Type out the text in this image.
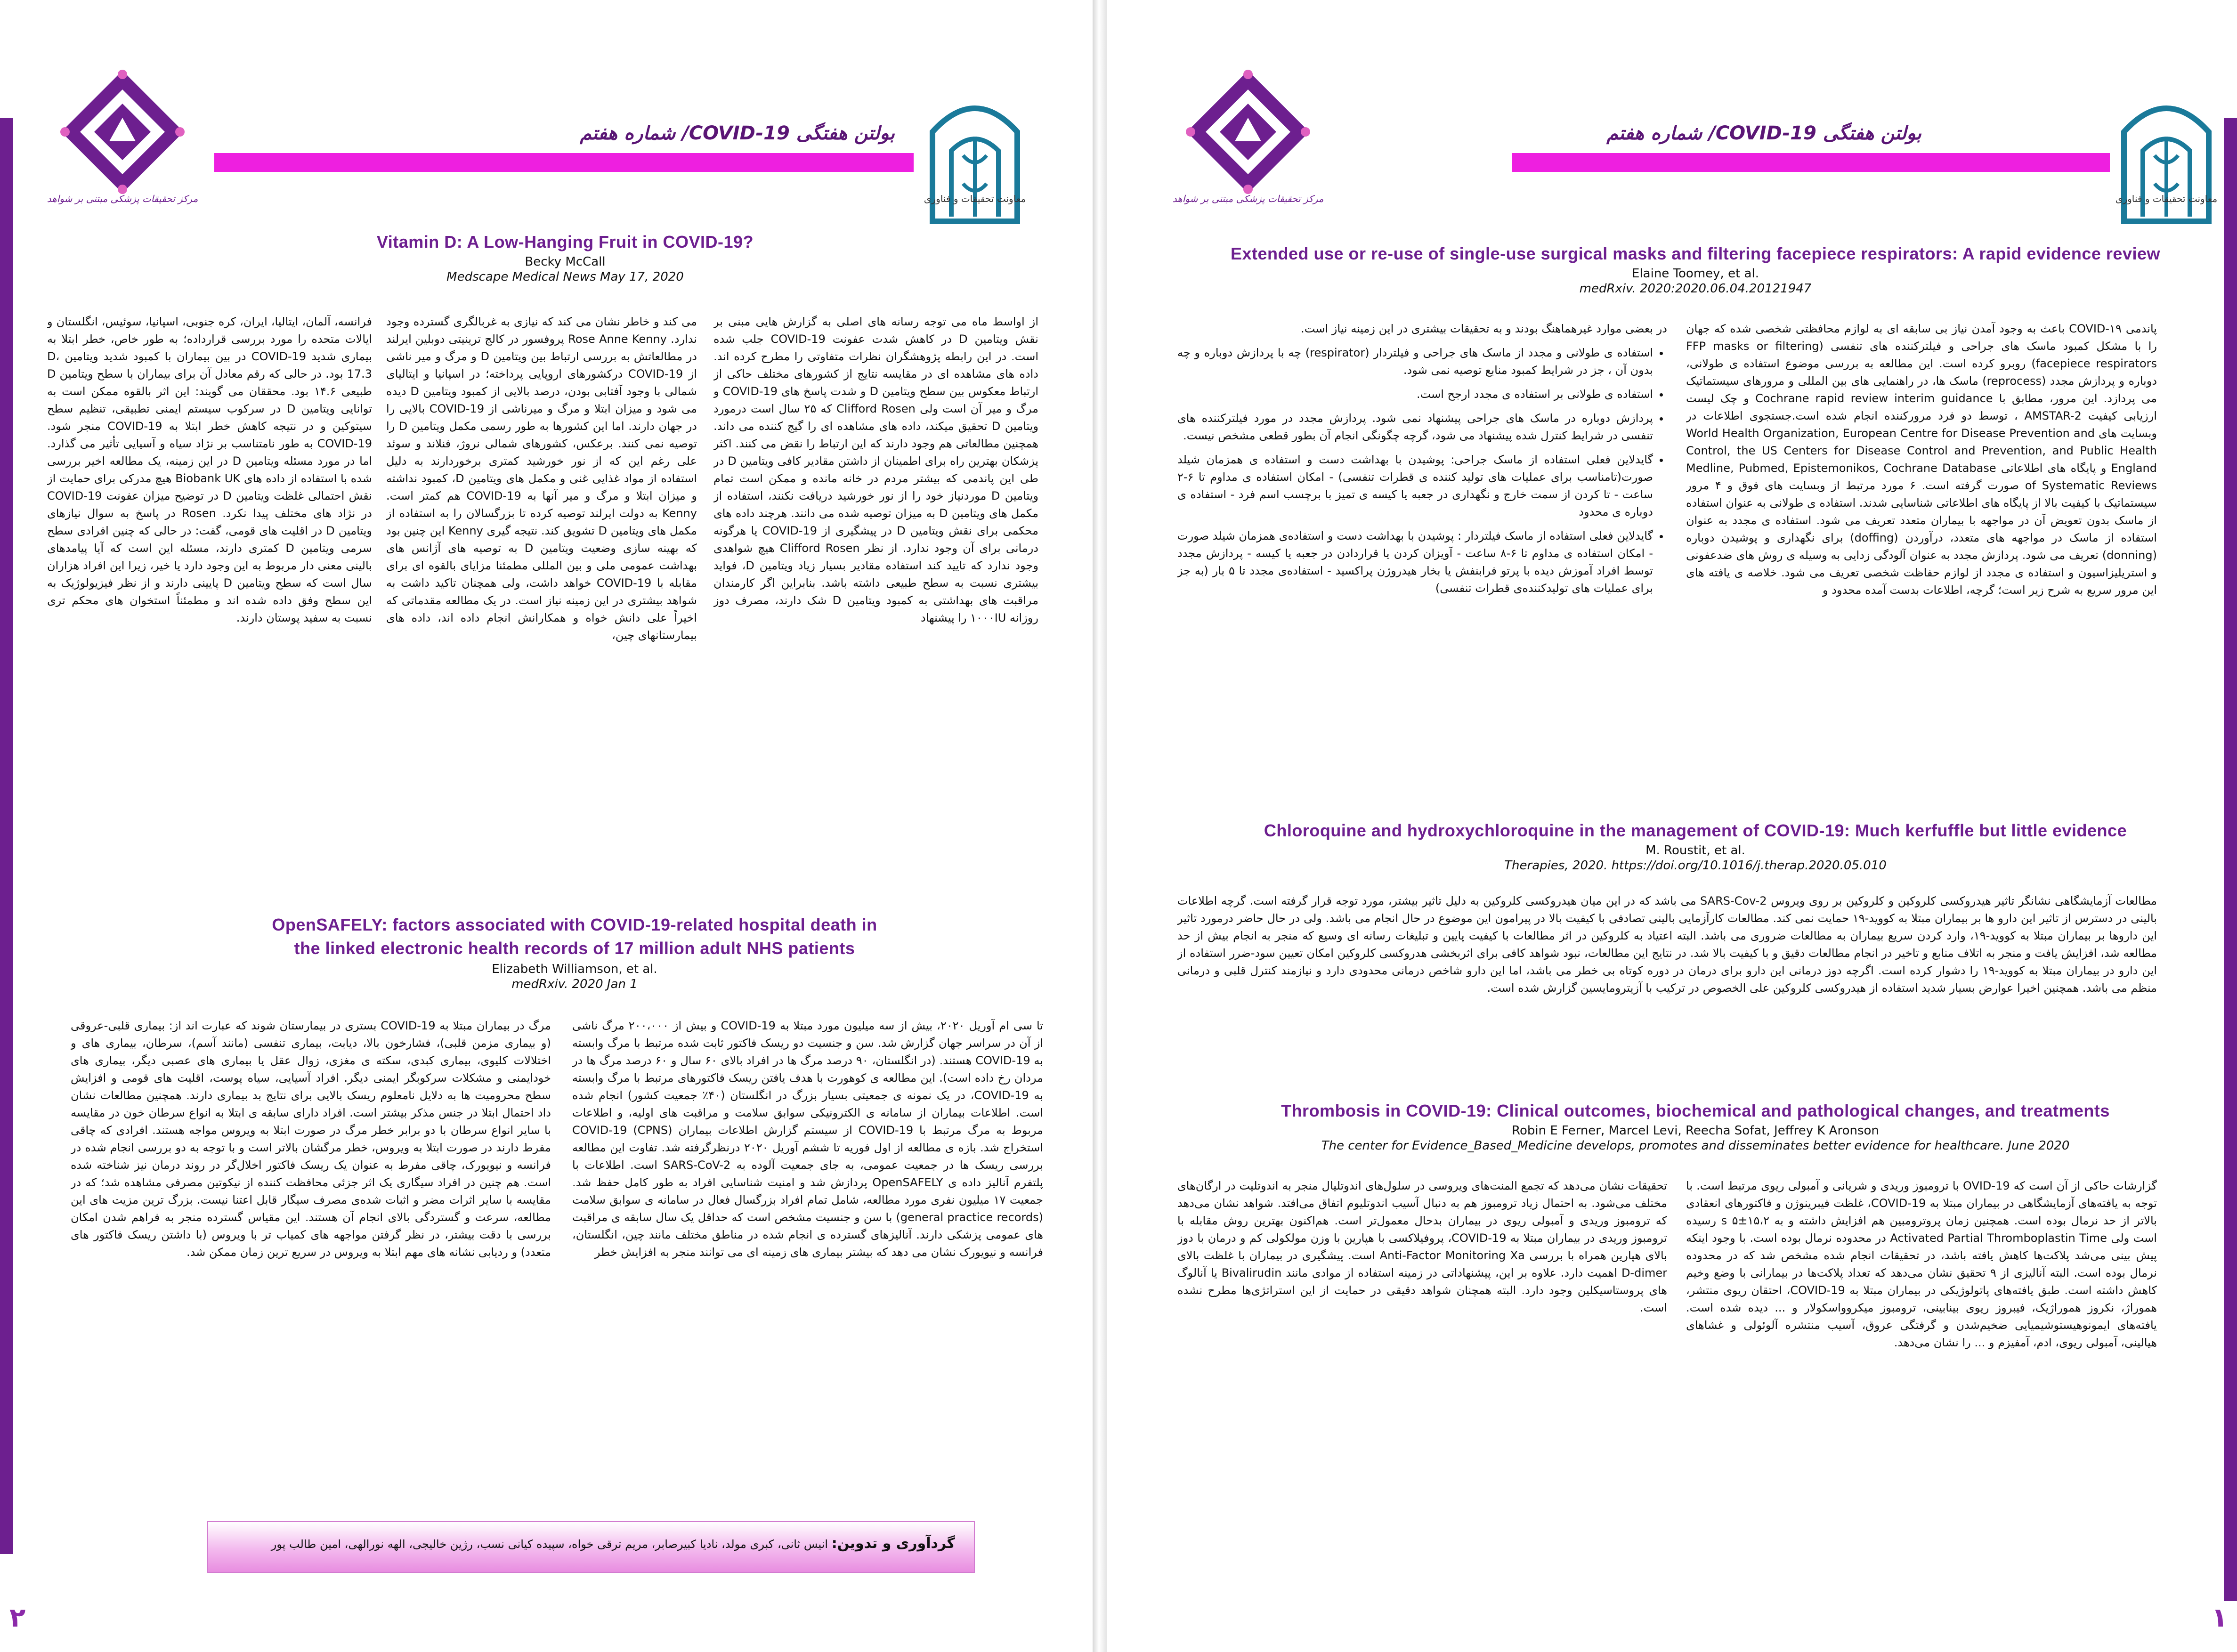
بولتن هفتگی COVID-19/ شماره هفتم
مرکز تحقیقات پزشکی مبتنی بر شواهد	معاونت تحقیقات و فناوری
Vitamin D: A Low-Hanging Fruit in COVID-19?
Becky McCall
Medscape Medical News May 17, 2020
از اواسط ماه می توجه رسانه های اصلی به گزارش هایی مبنی بر نقش ویتامین D در کاهش شدت عفونت COVID-19 جلب شده است. در این رابطه پژوهشگران نظرات متفاوتی را مطرح کرده اند. داده های مشاهده ای در مقایسه نتایج از کشورهای مختلف حاکی از ارتباط معکوس بین سطح ویتامین D و شدت پاسخ های COVID-19 و مرگ و میر آن است ولی Clifford Rosen که ۲۵ سال است درمورد ویتامین D تحقیق میکند، داده های مشاهده ای را گیج کننده می داند. همچنین مطالعاتی هم وجود دارند که این ارتباط را نقض می کنند. اکثر پزشکان بهترین راه برای اطمینان از داشتن مقادیر کافی ویتامین D در طی این پاندمی که بیشتر مردم در خانه مانده و ممکن است تمام ویتامین D موردنیاز خود را از نور خورشید دریافت نکنند، استفاده از مکمل های ویتامین D به میزان توصیه شده می دانند. هرچند داده های محکمی برای نقش ویتامین D در پیشگیری از COVID-19 یا هرگونه درمانی برای آن وجود ندارد. از نظر Clifford Rosen هیچ شواهدی وجود ندارد که تایید کند استفاده مقادیر بسیار زیاد ویتامین D، فواید بیشتری نسبت به سطح طبیعی داشته باشد. بنابراین اگر کارمندان مراقبت های بهداشتی به کمبود ویتامین D شک دارند، مصرف دوز روزانه ۱۰۰۰IU را پیشنهاد
می کند و خاطر نشان می کند که نیازی به غربالگری گسترده وجود ندارد. Rose Anne Kenny پروفسور در کالج ترینیتی دوبلین ایرلند در مطالعاتش به بررسی ارتباط بین ویتامین D و مرگ و میر ناشی از COVID-19 درکشورهای اروپایی پرداخته؛ در اسپانیا و ایتالیای شمالی با وجود آفتابی بودن، درصد بالایی از کمبود ویتامین D دیده می شود و میزان ابتلا و مرگ و میرناشی از COVID-19 بالایی را در جهان دارند. اما این کشورها به طور رسمی مکمل ویتامین D را توصیه نمی کنند. برعکس، کشورهای شمالی نروژ، فنلاند و سوئد علی رغم این که از نور خورشید کمتری برخوردارند به دلیل استفاده از مواد غذایی غنی و مکمل های ویتامین D، کمبود نداشته و میزان ابتلا و مرگ و میر آنها به COVID-19 هم کمتر است. Kenny به دولت ایرلند توصیه کرده تا بزرگسالان را به استفاده از مکمل های ویتامین D تشویق کند. نتیجه گیری Kenny این چنین بود که بهینه سازی وضعیت ویتامین D به توصیه های آژانس های بهداشت عمومی ملی و بین المللی مطمئنا مزایای بالقوه ای برای مقابله با COVID-19 خواهد داشت، ولی همچنان تاکید داشت به شواهد بیشتری در این زمینه نیاز است. در یک مطالعه مقدماتی که اخیراً علی دانش خواه و همکارانش انجام داده اند، داده های بیمارستانهای چین،
فرانسه، آلمان، ایتالیا، ایران، کره جنوبی، اسپانیا، سوئیس، انگلستان و ایالات متحده را مورد بررسی قرارداده؛ به طور خاص، خطر ابتلا به بیماری شدید COVID-19 در بین بیماران با کمبود شدید ویتامین D، 17.3 بود. در حالی که رقم معادل آن برای بیماران با سطح ویتامین D طبیعی ۱۴.۶ بود. محققان می گویند: این اثر بالقوه ممکن است به توانایی ویتامین D در سرکوب سیستم ایمنی تطبیقی، تنظیم سطح سیتوکین و در نتیجه کاهش خطر ابتلا به COVID-19 منجر شود. COVID-19 به طور نامتناسب بر نژاد سیاه و آسیایی تأثیر می گذارد. اما در مورد مسئله ویتامین D در این زمینه، یک مطالعه اخیر بررسی شده با استفاده از داده های Biobank UK هیچ مدرکی برای حمایت از نقش احتمالی غلظت ویتامین D در توضیح میزان عفونت COVID-19 در نژاد های مختلف پیدا نکرد. Rosen در پاسخ به سوال نیازهای ویتامین D در اقلیت های قومی، گفت: در حالی که چنین افرادی سطح سرمی ویتامین D کمتری دارند، مسئله این است که آیا پیامدهای بالینی معنی دار مربوط به این وجود دارد یا خیر، زیرا این افراد هزاران سال است که سطح ویتامین D پایینی دارند و از نظر فیزیولوژیک به این سطح وفق داده شده اند و مطمئناً استخوان های محکم تری نسبت به سفید پوستان دارند.
OpenSAFELY: factors associated with COVID-19-related hospital death in
the linked electronic health records of 17 million adult NHS patients
Elizabeth Williamson, et al.
medRxiv. 2020 Jan 1
تا سی ام آوریل ۲۰۲۰، بیش از سه میلیون مورد مبتلا به COVID-19 و بیش از ۲۰۰،۰۰۰ مرگ ناشی از آن در سراسر جهان گزارش شد. سن و جنسیت دو ریسک فاکتور ثابت شده مرتبط با مرگ وابسته به COVID-19 هستند. (در انگلستان، ۹۰ درصد مرگ ها در افراد بالای ۶۰ سال و ۶۰ درصد مرگ ها در مردان رخ داده است). این مطالعه ی کوهورت با هدف یافتن ریسک فاکتورهای مرتبط با مرگ وابسته به COVID-19، در یک نمونه ی جمعیتی بسیار بزرگ در انگلستان (۴۰٪ جمعیت کشور) انجام شده است. اطلاعات بیماران از سامانه ی الکترونیکی سوابق سلامت و مراقبت های اولیه، و اطلاعات مربوط به مرگ مرتبط با COVID-19 از سیستم گزارش اطلاعات بیماران (COVID-19 (CPNS استخراج شد. بازه ی مطالعه از اول فوریه تا ششم آوریل ۲۰۲۰ درنظرگرفته شد. تفاوت این مطالعه بررسی ریسک ها در جمعیت عمومی، به جای جمعیت آلوده به SARS-CoV-2 است. اطلاعات با پلتفرم آنالیز داده ی OpenSAFELY پردازش شد و امنیت شناسایی افراد به طور کامل حفظ شد. جمعیت ۱۷ میلیون نفری مورد مطالعه، شامل تمام افراد بزرگسال فعال در سامانه ی سوابق سلامت (general practice records) با سن و جنسیت مشخص است که حداقل یک سال سابقه ی مراقبت های عمومی پزشکی دارند. آنالیزهای گسترده ی انجام شده در مناطق مختلف مانند چین، انگلستان، فرانسه و نیویورک نشان می دهد که بیشتر بیماری های زمینه ای می توانند منجر به افزایش خطر
مرگ در بیماران مبتلا به COVID-19 بستری در بیمارستان شوند که عبارت اند از: بیماری قلبی-عروقی (و بیماری مزمن قلبی)، فشارخون بالا، دیابت، بیماری تنفسی (مانند آسم)، سرطان، بیماری های و اختلالات کلیوی، بیماری کبدی، سکته ی مغزی، زوال عقل یا بیماری های عصبی دیگر، بیماری های خودایمنی و مشکلات سرکوبگر ایمنی دیگر. افراد آسیایی، سیاه پوست، اقلیت های قومی و افزایش سطح محرومیت ها به دلایل نامعلوم ریسک بالایی برای نتایج بد بیماری دارند. همچنین مطالعات نشان داد احتمال ابتلا در جنس مذکر بیشتر است. افراد دارای سابقه ی ابتلا به انواع سرطان خون در مقایسه با سایر انواع سرطان با دو برابر خطر مرگ در صورت ابتلا به ویروس مواجه هستند. افرادی که چاقی مفرط دارند در صورت ابتلا به ویروس، خطر مرگشان بالاتر است و با توجه به دو بررسی انجام شده در فرانسه و نیویورک، چاقی مفرط به عنوان یک ریسک فاکتور اخلال‌گر در روند درمان نیز شناخته شده است. هم چنین در افراد سیگاری یک اثر جزئی محافظت کننده از نیکوتین مصرفی مشاهده شد؛ که در مقایسه با سایر اثرات مضر و اثبات شده‌ی مصرف سیگار قابل اعتنا نیست. بزرگ ترین مزیت های این مطالعه، سرعت و گستردگی بالای انجام آن هستند. این مقیاس گسترده منجر به فراهم شدن امکان بررسی با دقت بیشتر، در نظر گرفتن مواجهه های کمیاب تر با ویروس (با داشتن ریسک فاکتور های متعدد) و ردیابی نشانه های مهم ابتلا به ویروس در سریع ترین زمان ممکن شد.
گردآوری و تدوین: انیس ثانی، کبری مولد، نادیا کبیرصابر، مریم ترقی خواه، سپیده کیانی نسب، رژین خالیجی، الهه نورالهی، امین طالب پور
۲
بولتن هفتگی COVID-19/ شماره هفتم
مرکز تحقیقات پزشکی مبتنی بر شواهد	معاونت تحقیقات و فناوری
Extended use or re-use of single-use surgical masks and filtering facepiece respirators: A rapid evidence review
Elaine Toomey, et al.
medRxiv. 2020:2020.06.04.20121947
پاندمی COVID-۱۹ باعث به وجود آمدن نیاز بی سابقه ای به لوازم محافظتی شخصی شده که جهان را با مشکل کمبود ماسک های جراحی و فیلترکننده های تنفسی (FFP masks or filtering facepiece respirators) روبرو کرده است. این مطالعه به بررسی موضوع استفاده ی طولانی، دوباره و پردازش مجدد (reprocess) ماسک ها، در راهنمایی های بین المللی و مرورهای سیستماتیک می پردازد. این مرور، مطابق با Cochrane rapid review interim guidance و چک لیست ارزیابی کیفیت AMSTAR-2 ، توسط دو فرد مرورکننده انجام شده است.جستجوی اطلاعات در وبسایت های World Health Organization, European Centre for Disease Prevention and Control, the US Centers for Disease Control and Prevention, and Public Health England و پایگاه های اطلاعاتی Medline, Pubmed, Epistemonikos, Cochrane Database of Systematic Reviews صورت گرفته است. ۶ مورد مرتبط از وبسایت های فوق و ۴ مرور سیستماتیک با کیفیت بالا از پایگاه های اطلاعاتی شناسایی شدند. استفاده ی طولانی به عنوان استفاده از ماسک بدون تعویض آن در مواجهه با بیماران متعدد تعریف می شود. استفاده ی مجدد به عنوان استفاده از ماسک در مواجهه های متعدد، درآوردن (doffing) برای نگهداری و پوشیدن دوباره (donning) تعریف می شود. پردازش مجدد به عنوان آلودگی زدایی به وسیله ی روش های ضدعفونی و استریلیزاسیون و استفاده ی مجدد از لوازم حفاظت شخصی تعریف می شود. خلاصه ی یافته های این مرور سریع به شرح زیر است؛ گرچه، اطلاعات بدست آمده محدود و

در بعضی موارد غیرهماهنگ بودند و به تحقیقات بیشتری در این زمینه نیاز است.

• استفاده ی طولانی و مجدد از ماسک های جراحی و فیلتردار (respirator) چه با پردازش دوباره و چه بدون آن ، جز در شرایط کمبود منابع توصیه نمی شود.
• استفاده ی طولانی بر استفاده ی مجدد ارجح است.
• پردازش دوباره در ماسک های جراحی پیشنهاد نمی شود. پردازش مجدد در مورد فیلترکننده های تنفسی در شرایط کنترل شده پیشنهاد می شود، گرچه چگونگی انجام آن بطور قطعی مشخص نیست.
• گایدلاین فعلی استفاده از ماسک جراحی: پوشیدن با بهداشت دست و استفاده ی همزمان شیلد صورت(تامناسب برای عملیات های تولید کننده ی قطرات تنفسی) - امکان استفاده ی مداوم تا ۶-۲ ساعت - تا کردن از سمت خارج و نگهداری در جعبه یا کیسه ی تمیز با برچسب اسم فرد - استفاده ی دوباره ی محدود
• گایدلاین فعلی استفاده از ماسک فیلتردار : پوشیدن با بهداشت دست و استفاده‌ی همزمان شیلد صورت - امکان استفاده ی مداوم تا ۶-۸ ساعت - آویزان کردن یا قراردادن در جعبه یا کیسه - پردازش مجدد توسط افراد آموزش دیده با پرتو فرابنفش یا بخار هیدروژن پراکسید - استفاده‌ی مجدد تا ۵ بار (به جز برای عملیات های تولیدکننده‌ی قطرات تنفسی)
Chloroquine and hydroxychloroquine in the management of COVID-19: Much kerfuffle but little evidence
M. Roustit, et al.
Therapies, 2020. https://doi.org/10.1016/j.therap.2020.05.010
مطالعات آزمایشگاهی نشانگر تاثیر هیدروکسی کلروکین و کلروکین بر روی ویروس SARS-Cov-2 می باشد که در این میان هیدروکسی کلروکین به دلیل تاثیر بیشتر، مورد توجه قرار گرفته است. گرچه اطلاعات بالینی در دسترس از تاثیر این دارو ها بر بیماران مبتلا به کووید-۱۹ حمایت نمی کند. مطالعات کارآزمایی بالینی تصادفی با کیفیت بالا در پیرامون این موضوع در حال انجام می باشد. ولی در حال حاضر درمورد تاثیر این داروها بر بیماران مبتلا به کووید-۱۹، وارد کردن سریع بیماران به مطالعات ضروری می باشد. البته اعتیاد به کلروکین در اثر مطالعات با کیفیت پایین و تبلیغات رسانه ای وسیع که منجر به انجام بیش از حد مطالعه شد، افزایش یافت و منجر به اتلاف منابع و تاخیر در انجام مطالعات دقیق و با کیفیت بالا شد. در نتایج این مطالعات، نبود شواهد کافی برای اثربخشی هدروکسی کلروکین امکان تعیین سود-ضرر استفاده از این دارو در بیماران مبتلا به کووید-۱۹ را دشوار کرده است. اگرچه دوز درمانی این دارو برای درمان در دوره کوتاه بی خطر می باشد، اما این دارو شاخص درمانی محدودی دارد و نیازمند کنترل قلبی و درمانی منظم می باشد. همچنین اخیرا عوارض بسیار شدید استفاده از هیدروکسی کلروکین علی الخصوص در ترکیب با آزیترومایسین گزارش شده است.
Thrombosis in COVID-19: Clinical outcomes, biochemical and pathological changes, and treatments
Robin E Ferner, Marcel Levi, Reecha Sofat, Jeffrey K Aronson
The center for Evidence_Based_Medicine develops, promotes and disseminates better evidence for healthcare. June 2020
گزارشات حاکی از آن است که OVID-19 با ترومبوز وریدی و شریانی و آمبولی ریوی مرتبط است. با توجه به یافته‌های آزمایشگاهی در بیماران مبتلا به COVID-19، غلظت فیبرینوژن و فاکتورهای انعقادی بالاتر از حد نرمال بوده است. همچنین زمان پروترومبین هم افزایش داشته و به ۱۵،۲±۵ s رسیده است ولی Activated Partial Thromboplastin Time در محدوده نرمال بوده است. با وجود اینکه پیش بینی می‌شد پلاکت‌ها کاهش یافته باشد، در تحقیقات انجام شده مشخص شد که در محدوده نرمال بوده است. البته آنالیزی از ۹ تحقیق نشان می‌دهد که تعداد پلاکت‌ها در بیمارانی با وضع وخیم کاهش داشته است. طبق یافته‌های پاتولوژیکی در بیماران مبتلا به COVID-19، احتقان ریوی منتشر، هموراژ، نکروز هموراژیک، فیبروز ریوی بینابینی، ترومبوز میکروواسکولار و ... دیده شده است. یافته‌های ایمونوهیستوشیمیایی ضخیم‌شدن و گرفتگی عروق، آسیب منتشره آلوئولی و غشاهای هیالینی، آمبولی ریوی، ادم، آمفیزم و ... را نشان می‌دهد.
تحقیقات نشان می‌دهد که تجمع المنت‌های ویروسی در سلول‌های اندوتلیال منجر به اندوتلیت در ارگان‌های مختلف می‌شود. به احتمال زیاد ترومبوز هم به دنبال آسیب اندوتلیوم اتفاق می‌افتد. شواهد نشان می‌دهد که ترومبوز وریدی و آمبولی ریوی در بیماران بدحال معمول‌تر است. هم‌اکنون بهترین روش مقابله با ترومبوز وریدی در بیماران مبتلا به COVID-19، پروفیلاکسی با هپارین با وزن مولکولی کم و درمان با دوز بالای هپارین همراه با بررسی Anti-Factor Monitoring Xa است. پیشگیری در بیماران با غلظت بالای D-dimer اهمیت دارد. علاوه بر این، پیشنهاداتی در زمینه استفاده از موادی مانند Bivalirudin یا آنالوگ های پروستاسیکلین وجود دارد. البته همچنان شواهد دقیقی در حمایت از این استراتژی‌ها مطرح نشده است.
۱
